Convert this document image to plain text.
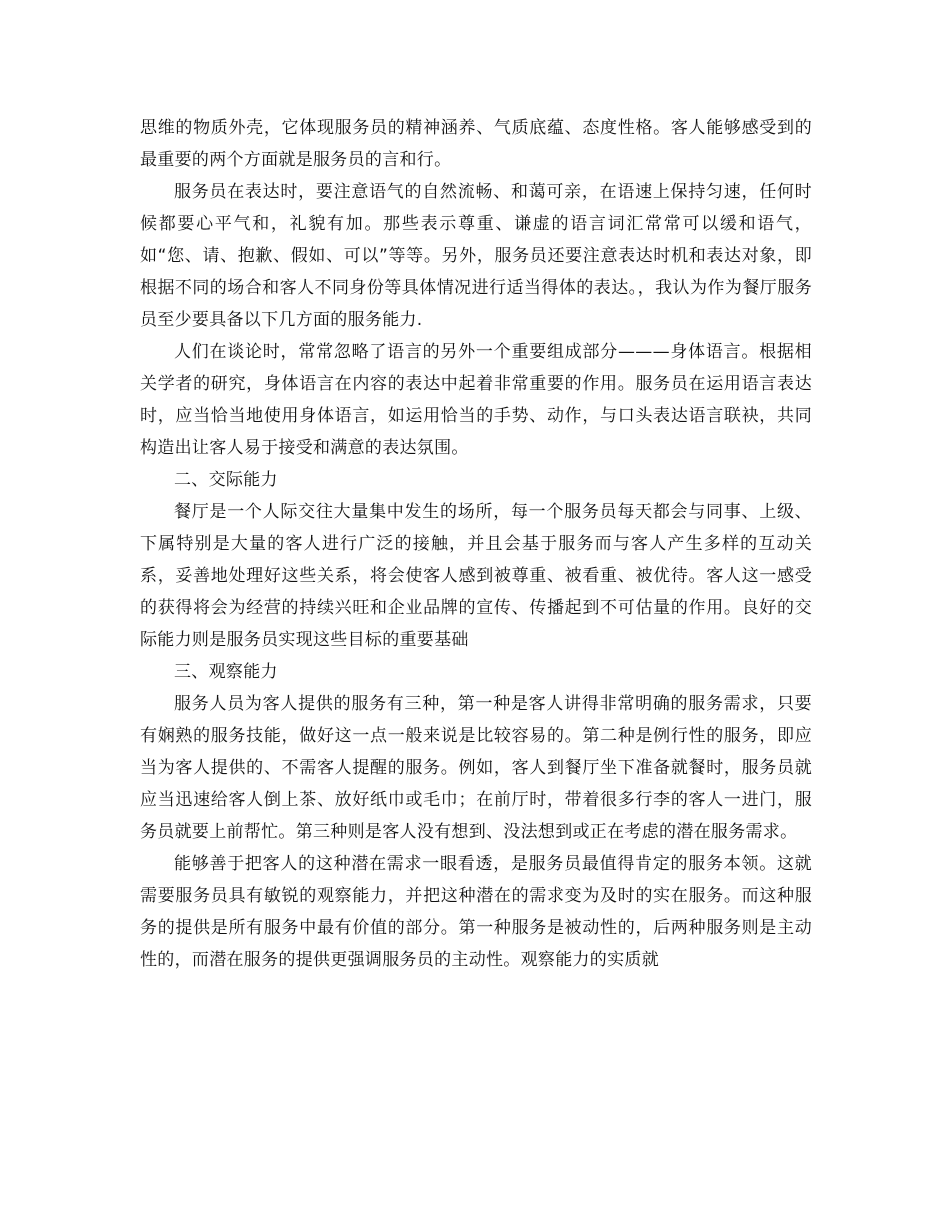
思维的物质外壳，它体现服务员的精神涵养、气质底蕴、态度性格。客人能够感受到的最重要的两个方面就是服务员的言和行。

服务员在表达时，要注意语气的自然流畅、和蔼可亲，在语速上保持匀速，任何时候都要心平气和，礼貌有加。那些表示尊重、谦虚的语言词汇常常可以缓和语气，如“您、请、抱歉、假如、可以”等等。另外，服务员还要注意表达时机和表达对象，即根据不同的场合和客人不同身份等具体情况进行适当得体的表达。，我认为作为餐厅服务员至少要具备以下几方面的服务能力.

人们在谈论时，常常忽略了语言的另外一个重要组成部分———身体语言。根据相关学者的研究，身体语言在内容的表达中起着非常重要的作用。服务员在运用语言表达时，应当恰当地使用身体语言，如运用恰当的手势、动作，与口头表达语言联袂，共同构造出让客人易于接受和满意的表达氛围。

二、交际能力

餐厅是一个人际交往大量集中发生的场所，每一个服务员每天都会与同事、上级、下属特别是大量的客人进行广泛的接触，并且会基于服务而与客人产生多样的互动关系，妥善地处理好这些关系，将会使客人感到被尊重、被看重、被优待。客人这一感受的获得将会为经营的持续兴旺和企业品牌的宣传、传播起到不可估量的作用。良好的交际能力则是服务员实现这些目标的重要基础

三、观察能力

服务人员为客人提供的服务有三种，第一种是客人讲得非常明确的服务需求，只要有娴熟的服务技能，做好这一点一般来说是比较容易的。第二种是例行性的服务，即应当为客人提供的、不需客人提醒的服务。例如，客人到餐厅坐下准备就餐时，服务员就应当迅速给客人倒上茶、放好纸巾或毛巾；在前厅时，带着很多行李的客人一进门，服务员就要上前帮忙。第三种则是客人没有想到、没法想到或正在考虑的潜在服务需求。

能够善于把客人的这种潜在需求一眼看透，是服务员最值得肯定的服务本领。这就需要服务员具有敏锐的观察能力，并把这种潜在的需求变为及时的实在服务。而这种服务的提供是所有服务中最有价值的部分。第一种服务是被动性的，后两种服务则是主动性的，而潜在服务的提供更强调服务员的主动性。观察能力的实质就
